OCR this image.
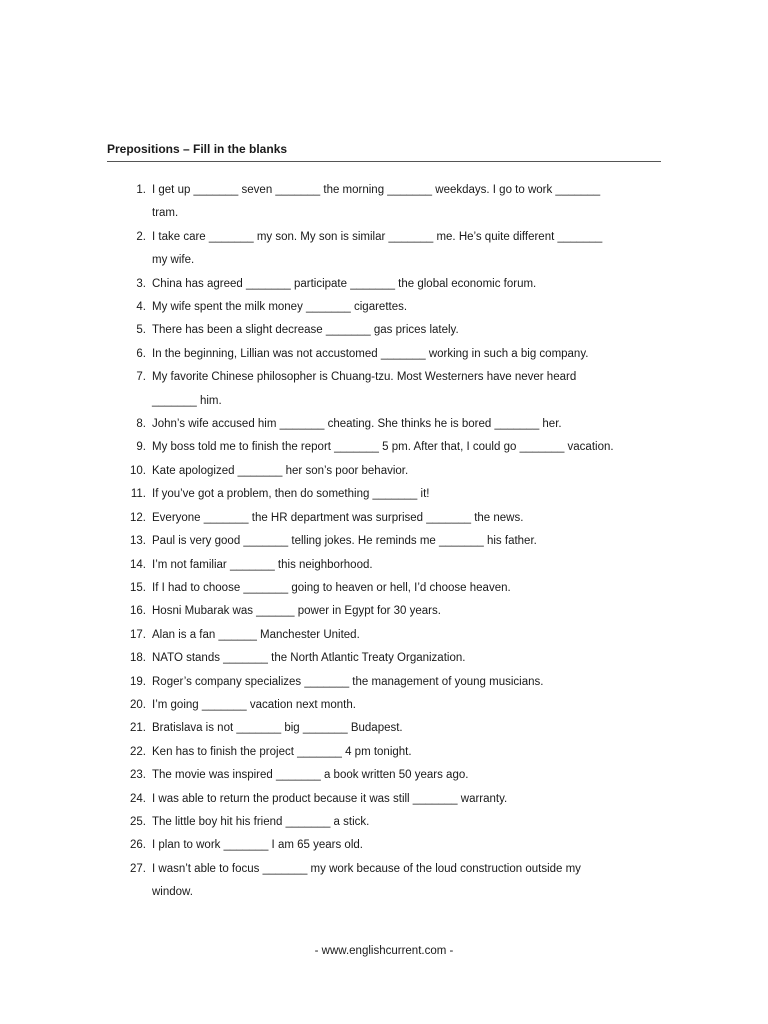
Prepositions – Fill in the blanks
1. I get up _______ seven _______ the morning _______ weekdays. I go to work _______
tram.
2. I take care _______ my son. My son is similar _______ me. He’s quite different _______
my wife.
3. China has agreed _______ participate _______ the global economic forum.
4. My wife spent the milk money _______ cigarettes.
5. There has been a slight decrease _______ gas prices lately.
6. In the beginning, Lillian was not accustomed _______ working in such a big company.
7. My favorite Chinese philosopher is Chuang-tzu. Most Westerners have never heard
_______ him.
8. John’s wife accused him _______ cheating. She thinks he is bored _______ her.
9. My boss told me to finish the report _______ 5 pm. After that, I could go _______ vacation.
10. Kate apologized _______ her son’s poor behavior.
11. If you’ve got a problem, then do something _______ it!
12. Everyone _______ the HR department was surprised _______ the news.
13. Paul is very good _______ telling jokes. He reminds me _______ his father.
14. I’m not familiar _______ this neighborhood.
15. If I had to choose _______ going to heaven or hell, I’d choose heaven.
16. Hosni Mubarak was ______ power in Egypt for 30 years.
17. Alan is a fan ______ Manchester United.
18. NATO stands _______ the North Atlantic Treaty Organization.
19. Roger’s company specializes _______ the management of young musicians.
20. I’m going _______ vacation next month.
21. Bratislava is not _______ big _______ Budapest.
22. Ken has to finish the project _______ 4 pm tonight.
23. The movie was inspired _______ a book written 50 years ago.
24. I was able to return the product because it was still _______ warranty.
25. The little boy hit his friend _______ a stick.
26. I plan to work _______ I am 65 years old.
27. I wasn’t able to focus _______ my work because of the loud construction outside my
window.
- www.englishcurrent.com -
